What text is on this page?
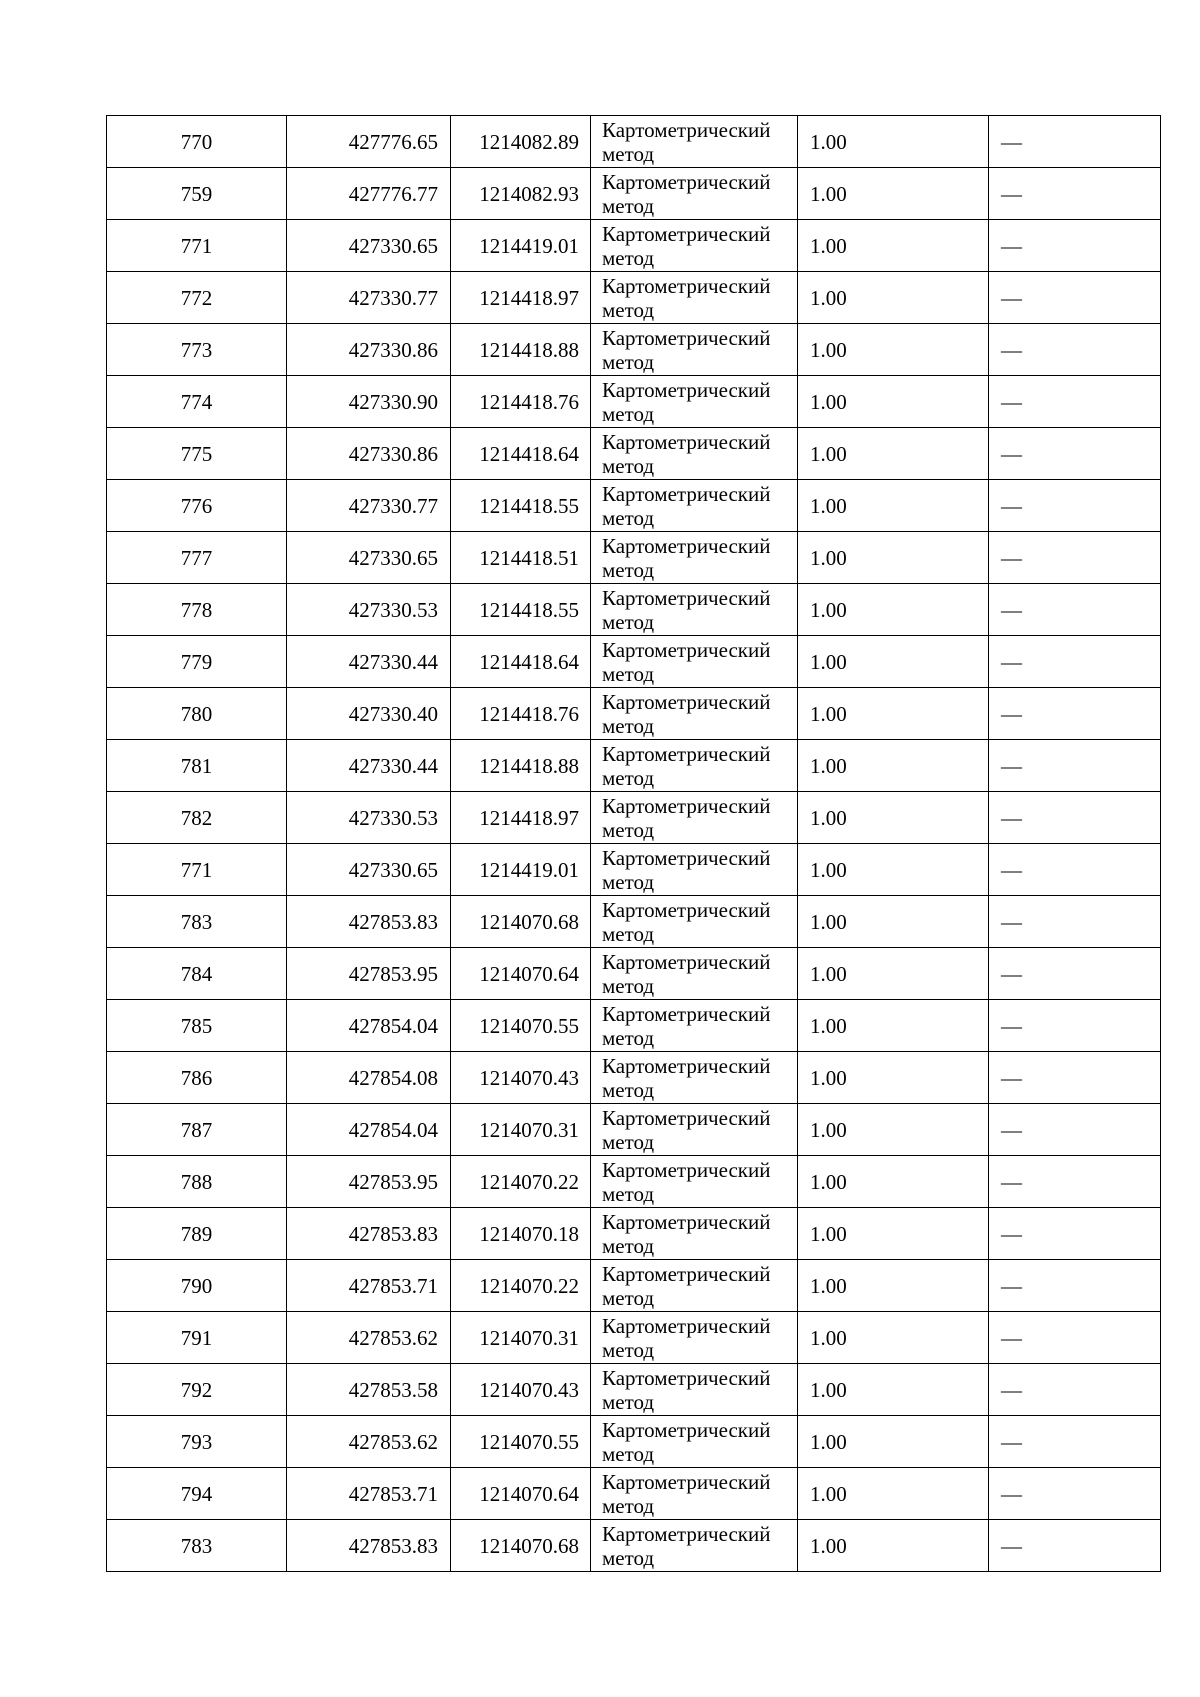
770	427776.65	1214082.89	Картометрический метод	1.00	—
759	427776.77	1214082.93	Картометрический метод	1.00	—
771	427330.65	1214419.01	Картометрический метод	1.00	—
772	427330.77	1214418.97	Картометрический метод	1.00	—
773	427330.86	1214418.88	Картометрический метод	1.00	—
774	427330.90	1214418.76	Картометрический метод	1.00	—
775	427330.86	1214418.64	Картометрический метод	1.00	—
776	427330.77	1214418.55	Картометрический метод	1.00	—
777	427330.65	1214418.51	Картометрический метод	1.00	—
778	427330.53	1214418.55	Картометрический метод	1.00	—
779	427330.44	1214418.64	Картометрический метод	1.00	—
780	427330.40	1214418.76	Картометрический метод	1.00	—
781	427330.44	1214418.88	Картометрический метод	1.00	—
782	427330.53	1214418.97	Картометрический метод	1.00	—
771	427330.65	1214419.01	Картометрический метод	1.00	—
783	427853.83	1214070.68	Картометрический метод	1.00	—
784	427853.95	1214070.64	Картометрический метод	1.00	—
785	427854.04	1214070.55	Картометрический метод	1.00	—
786	427854.08	1214070.43	Картометрический метод	1.00	—
787	427854.04	1214070.31	Картометрический метод	1.00	—
788	427853.95	1214070.22	Картометрический метод	1.00	—
789	427853.83	1214070.18	Картометрический метод	1.00	—
790	427853.71	1214070.22	Картометрический метод	1.00	—
791	427853.62	1214070.31	Картометрический метод	1.00	—
792	427853.58	1214070.43	Картометрический метод	1.00	—
793	427853.62	1214070.55	Картометрический метод	1.00	—
794	427853.71	1214070.64	Картометрический метод	1.00	—
783	427853.83	1214070.68	Картометрический метод	1.00	—
